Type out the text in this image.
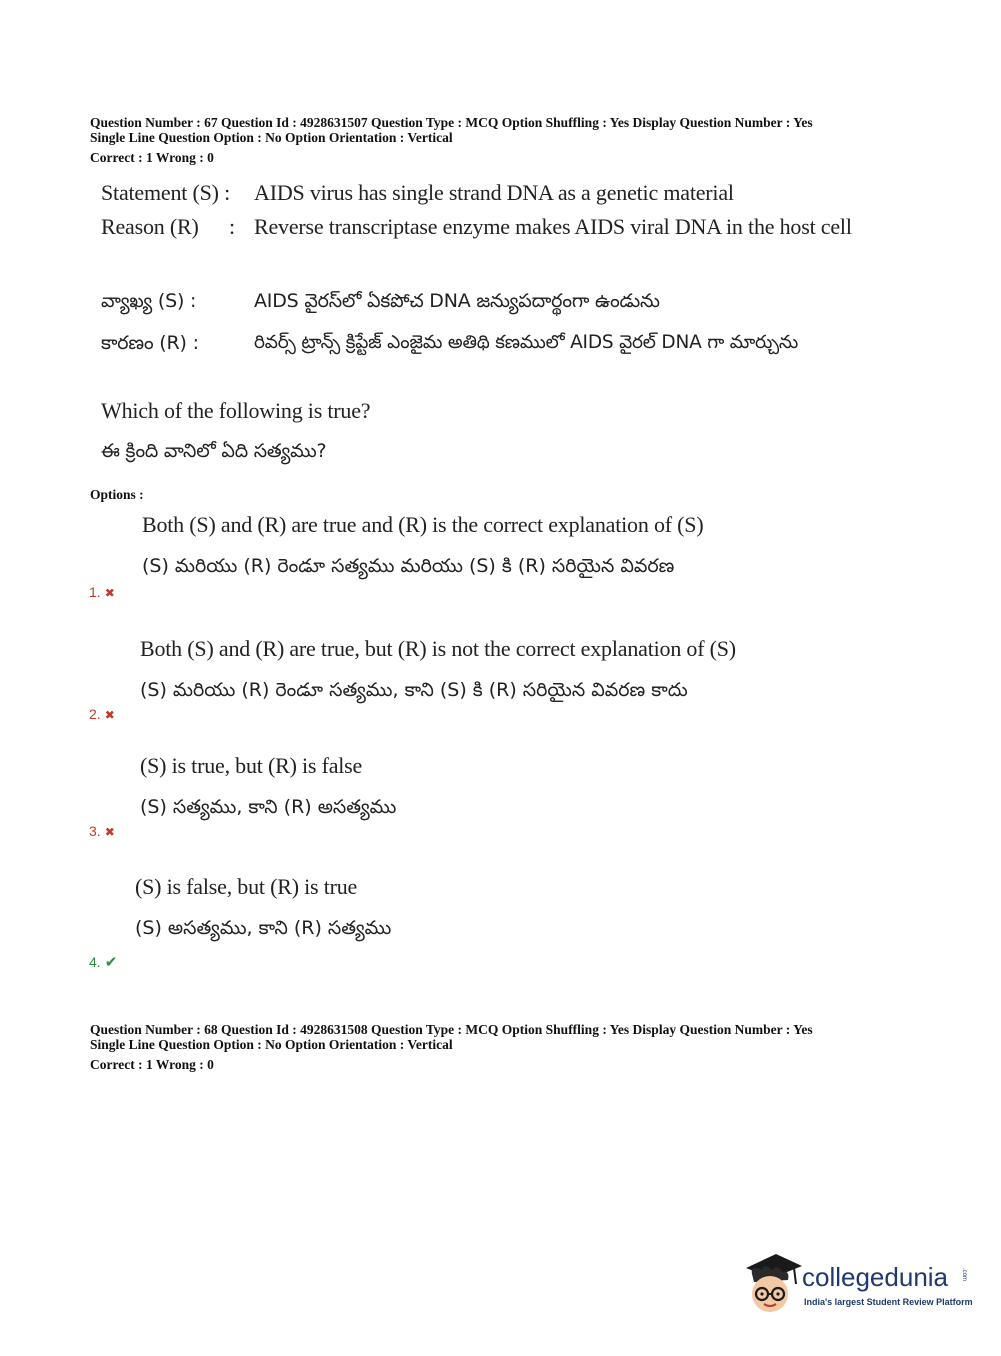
Question Number : 67 Question Id : 4928631507 Question Type : MCQ Option Shuffling : Yes Display Question Number : Yes
Single Line Question Option : No Option Orientation : Vertical
Correct : 1 Wrong : 0
Statement (S) : AIDS virus has single strand DNA as a genetic material
Reason (R) : Reverse transcriptase enzyme makes AIDS viral DNA in the host cell
వ్యాఖ్య (S) :	AIDS వైరస్‌లో ఏకపోచ DNA జన్యుపదార్థంగా ఉండును
కారణం (R) :	రివర్స్ ట్రాన్స్ క్రిప్టేజ్ ఎంజైమ అతిథి కణములో AIDS వైరల్ DNA గా మార్చును
Which of the following is true?
ఈ క్రింది వానిలో ఏది సత్యము?
Options :
Both (S) and (R) are true and (R) is the correct explanation of (S)
(S) మరియు (R) రెండూ సత్యము మరియు (S) కి (R) సరియైన వివరణ
1. ✖
Both (S) and (R) are true, but (R) is not the correct explanation of (S)
(S) మరియు (R) రెండూ సత్యము, కాని (S) కి (R) సరియైన వివరణ కాదు
2. ✖
(S) is true, but (R) is false
(S) సత్యము, కాని (R) అసత్యము
3. ✖
(S) is false, but (R) is true
(S) అసత్యము, కాని (R) సత్యము
4. ✔
Question Number : 68 Question Id : 4928631508 Question Type : MCQ Option Shuffling : Yes Display Question Number : Yes
Single Line Question Option : No Option Orientation : Vertical
Correct : 1 Wrong : 0
collegedunia .com
India's largest Student Review Platform
